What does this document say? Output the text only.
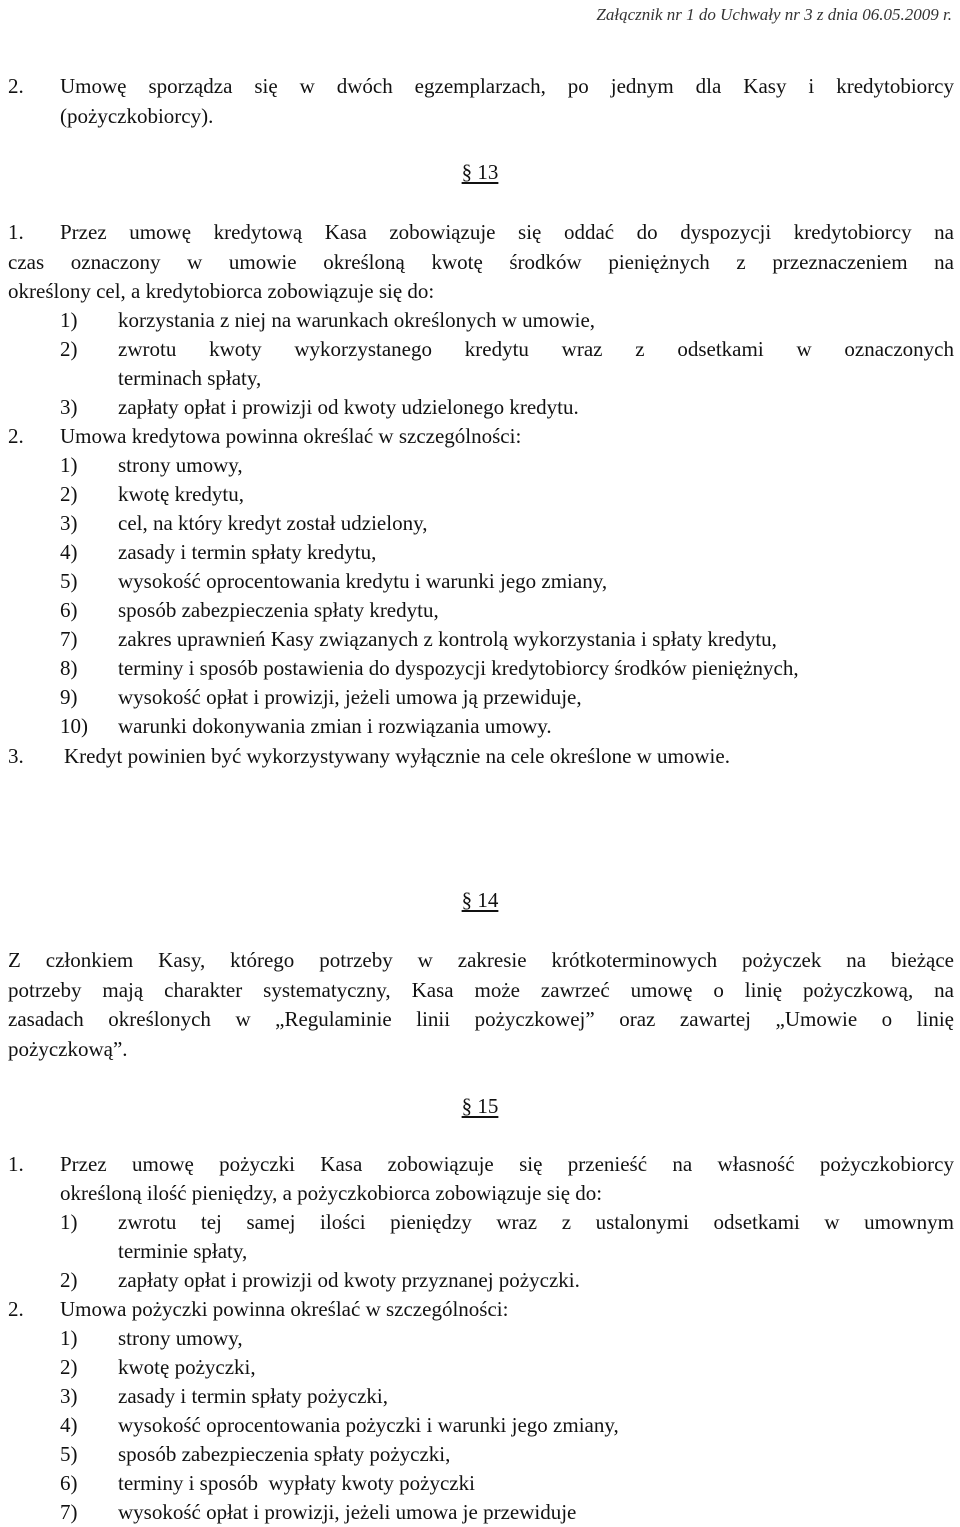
Załącznik nr 1 do Uchwały nr 3 z dnia 06.05.2009 r.
2. Umowę sporządza się w dwóch egzemplarzach, po jednym dla Kasy i kredytobiorcy
(pożyczkobiorcy).
§ 13
1. Przez umowę kredytową Kasa zobowiązuje się oddać do dyspozycji kredytobiorcy na
czas oznaczony w umowie określoną kwotę środków pieniężnych z przeznaczeniem na
określony cel, a kredytobiorca zobowiązuje się do:
1) korzystania z niej na warunkach określonych w umowie,
2) zwrotu kwoty wykorzystanego kredytu wraz z odsetkami w oznaczonych
terminach spłaty,
3) zapłaty opłat i prowizji od kwoty udzielonego kredytu.
2. Umowa kredytowa powinna określać w szczególności:
1) strony umowy,
2) kwotę kredytu,
3) cel, na który kredyt został udzielony,
4) zasady i termin spłaty kredytu,
5) wysokość oprocentowania kredytu i warunki jego zmiany,
6) sposób zabezpieczenia spłaty kredytu,
7) zakres uprawnień Kasy związanych z kontrolą wykorzystania i spłaty kredytu,
8) terminy i sposób postawienia do dyspozycji kredytobiorcy środków pieniężnych,
9) wysokość opłat i prowizji, jeżeli umowa ją przewiduje,
10) warunki dokonywania zmian i rozwiązania umowy.
3. Kredyt powinien być wykorzystywany wyłącznie na cele określone w umowie.
§ 14
Z członkiem Kasy, którego potrzeby w zakresie krótkoterminowych pożyczek na bieżące
potrzeby mają charakter systematyczny, Kasa może zawrzeć umowę o linię pożyczkową, na
zasadach określonych w „Regulaminie linii pożyczkowej” oraz zawartej „Umowie o linię
pożyczkową”.
§ 15
1. Przez umowę pożyczki Kasa zobowiązuje się przenieść na własność pożyczkobiorcy
określoną ilość pieniędzy, a pożyczkobiorca zobowiązuje się do:
1) zwrotu tej samej ilości pieniędzy wraz z ustalonymi odsetkami w umownym
terminie spłaty,
2) zapłaty opłat i prowizji od kwoty przyznanej pożyczki.
2. Umowa pożyczki powinna określać w szczególności:
1) strony umowy,
2) kwotę pożyczki,
3) zasady i termin spłaty pożyczki,
4) wysokość oprocentowania pożyczki i warunki jego zmiany,
5) sposób zabezpieczenia spłaty pożyczki,
6) terminy i sposób  wypłaty kwoty pożyczki
7) wysokość opłat i prowizji, jeżeli umowa je przewiduje
